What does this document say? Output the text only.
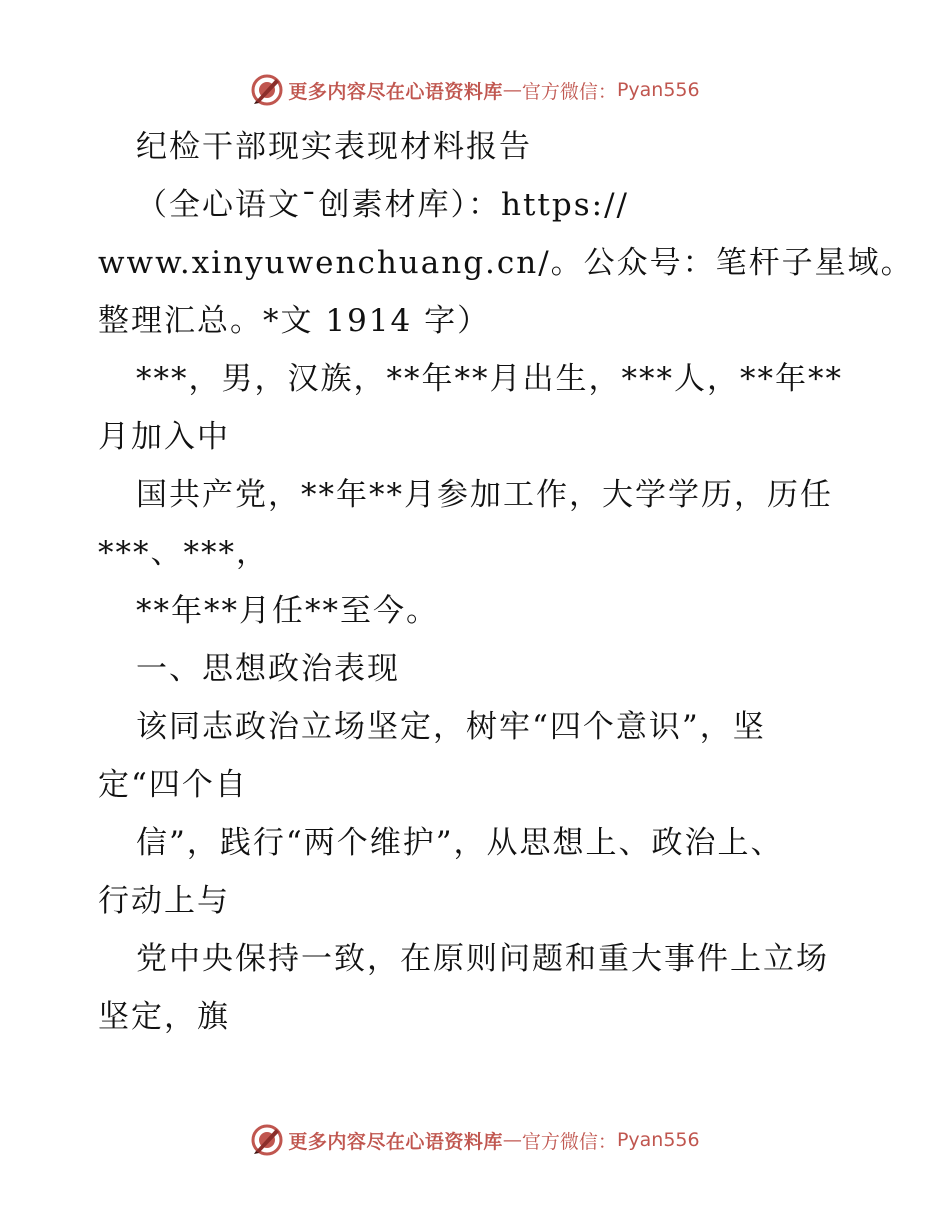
更多内容尽在心语资料库 — 官方微信： Pyan556
纪检干部现实表现材料报告
（全心语文¯创素材库）：https://
www.xinyuwenchuang.cn/。公众号：笔杆子星域。
整理汇总。*文 1914 字）
***，男，汉族，**年**月出生，***人，**年**
月加入中
国共产党，**年**月参加工作，大学学历，历任
***、***，
**年**月任**至今。
一、思想政治表现
该同志政治立场坚定，树牢“四个意识”，坚
定“四个自
信”，践行“两个维护”，从思想上、政治上、
行动上与
党中央保持一致，在原则问题和重大事件上立场
坚定，旗
更多内容尽在心语资料库 — 官方微信： Pyan556
